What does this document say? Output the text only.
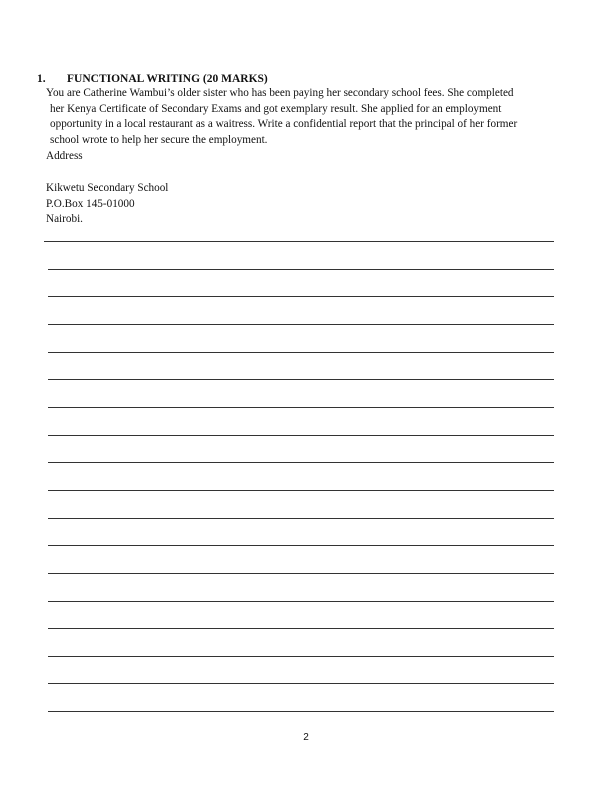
1. FUNCTIONAL WRITING (20 MARKS)
You are Catherine Wambui’s older sister who has been paying her secondary school fees. She completed
her Kenya Certificate of Secondary Exams and got exemplary result. She applied for an employment
opportunity in a local restaurant as a waitress. Write a confidential report that the principal of her former
school wrote to help her secure the employment.
Address
Kikwetu Secondary School
P.O.Box 145-01000
Nairobi.
2
